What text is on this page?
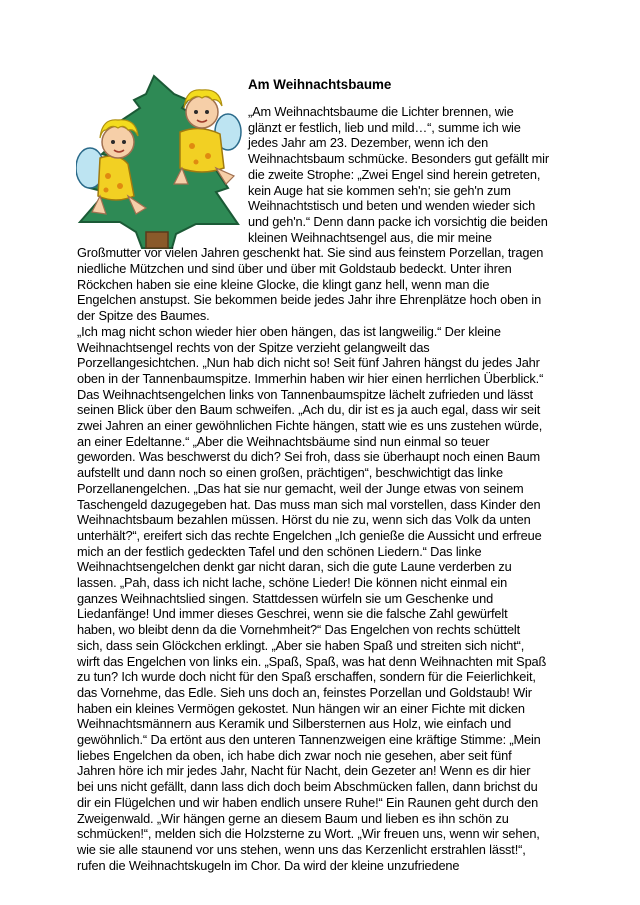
Am Weihnachtsbaume
„Am Weihnachtsbaume die Lichter brennen, wie
glänzt er festlich, lieb und mild…“, summe ich wie
jedes Jahr am 23. Dezember, wenn ich den
Weihnachtsbaum schmücke. Besonders gut gefällt mir
die zweite Strophe: „Zwei Engel sind herein getreten,
kein Auge hat sie kommen seh'n; sie geh'n zum
Weihnachtstisch und beten und wenden wieder sich
und geh'n.“ Denn dann packe ich vorsichtig die beiden
kleinen Weihnachtsengel aus, die mir meine
Großmutter vor vielen Jahren geschenkt hat. Sie sind aus feinstem Porzellan, tragen
niedliche Mützchen und sind über und über mit Goldstaub bedeckt. Unter ihren
Röckchen haben sie eine kleine Glocke, die klingt ganz hell, wenn man die
Engelchen anstupst. Sie bekommen beide jedes Jahr ihre Ehrenplätze hoch oben in
der Spitze des Baumes.
„Ich mag nicht schon wieder hier oben hängen, das ist langweilig.“ Der kleine
Weihnachtsengel rechts von der Spitze verzieht gelangweilt das
Porzellangesichtchen. „Nun hab dich nicht so! Seit fünf Jahren hängst du jedes Jahr
oben in der Tannenbaumspitze. Immerhin haben wir hier einen herrlichen Überblick.“
Das Weihnachtsengelchen links von Tannenbaumspitze lächelt zufrieden und lässt
seinen Blick über den Baum schweifen. „Ach du, dir ist es ja auch egal, dass wir seit
zwei Jahren an einer gewöhnlichen Fichte hängen, statt wie es uns zustehen würde,
an einer Edeltanne.“ „Aber die Weihnachtsbäume sind nun einmal so teuer
geworden. Was beschwerst du dich? Sei froh, dass sie überhaupt noch einen Baum
aufstellt und dann noch so einen großen, prächtigen“, beschwichtigt das linke
Porzellanengelchen. „Das hat sie nur gemacht, weil der Junge etwas von seinem
Taschengeld dazugegeben hat. Das muss man sich mal vorstellen, dass Kinder den
Weihnachtsbaum bezahlen müssen. Hörst du nie zu, wenn sich das Volk da unten
unterhält?“, ereifert sich das rechte Engelchen „Ich genieße die Aussicht und erfreue
mich an der festlich gedeckten Tafel und den schönen Liedern.“ Das linke
Weihnachtsengelchen denkt gar nicht daran, sich die gute Laune verderben zu
lassen. „Pah, dass ich nicht lache, schöne Lieder! Die können nicht einmal ein
ganzes Weihnachtslied singen. Stattdessen würfeln sie um Geschenke und
Liedanfänge! Und immer dieses Geschrei, wenn sie die falsche Zahl gewürfelt
haben, wo bleibt denn da die Vornehmheit?“ Das Engelchen von rechts schüttelt
sich, dass sein Glöckchen erklingt. „Aber sie haben Spaß und streiten sich nicht“,
wirft das Engelchen von links ein. „Spaß, Spaß, was hat denn Weihnachten mit Spaß
zu tun? Ich wurde doch nicht für den Spaß erschaffen, sondern für die Feierlichkeit,
das Vornehme, das Edle. Sieh uns doch an, feinstes Porzellan und Goldstaub! Wir
haben ein kleines Vermögen gekostet. Nun hängen wir an einer Fichte mit dicken
Weihnachtsmännern aus Keramik und Silbersternen aus Holz, wie einfach und
gewöhnlich.“ Da ertönt aus den unteren Tannenzweigen eine kräftige Stimme: „Mein
liebes Engelchen da oben, ich habe dich zwar noch nie gesehen, aber seit fünf
Jahren höre ich mir jedes Jahr, Nacht für Nacht, dein Gezeter an! Wenn es dir hier
bei uns nicht gefällt, dann lass dich doch beim Abschmücken fallen, dann brichst du
dir ein Flügelchen und wir haben endlich unsere Ruhe!“ Ein Raunen geht durch den
Zweigenwald. „Wir hängen gerne an diesem Baum und lieben es ihn schön zu
schmücken!“, melden sich die Holzsterne zu Wort. „Wir freuen uns, wenn wir sehen,
wie sie alle staunend vor uns stehen, wenn uns das Kerzenlicht erstrahlen lässt!“,
rufen die Weihnachtskugeln im Chor. Da wird der kleine unzufriedene
